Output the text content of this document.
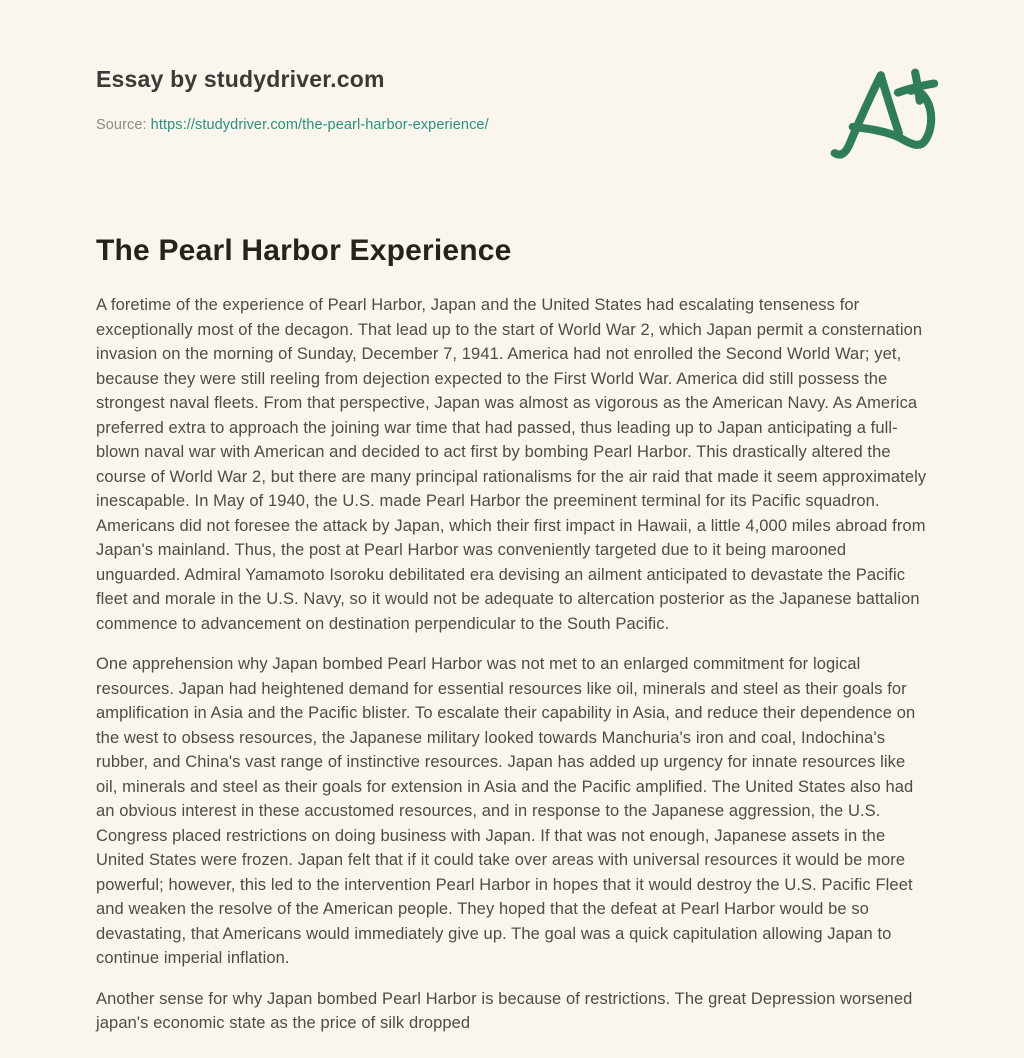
Essay by studydriver.com
Source: https://studydriver.com/the-pearl-harbor-experience/
The Pearl Harbor Experience

A foretime of the experience of Pearl Harbor, Japan and the United States had escalating tenseness for exceptionally most of the decagon. That lead up to the start of World War 2, which Japan permit a consternation invasion on the morning of Sunday, December 7, 1941. America had not enrolled the Second World War; yet, because they were still reeling from dejection expected to the First World War. America did still possess the strongest naval fleets. From that perspective, Japan was almost as vigorous as the American Navy. As America preferred extra to approach the joining war time that had passed, thus leading up to Japan anticipating a full-blown naval war with American and decided to act first by bombing Pearl Harbor. This drastically altered the course of World War 2, but there are many principal rationalisms for the air raid that made it seem approximately inescapable. In May of 1940, the U.S. made Pearl Harbor the preeminent terminal for its Pacific squadron. Americans did not foresee the attack by Japan, which their first impact in Hawaii, a little 4,000 miles abroad from Japan's mainland. Thus, the post at Pearl Harbor was conveniently targeted due to it being marooned unguarded. Admiral Yamamoto Isoroku debilitated era devising an ailment anticipated to devastate the Pacific fleet and morale in the U.S. Navy, so it would not be adequate to altercation posterior as the Japanese battalion commence to advancement on destination perpendicular to the South Pacific.

One apprehension why Japan bombed Pearl Harbor was not met to an enlarged commitment for logical resources. Japan had heightened demand for essential resources like oil, minerals and steel as their goals for amplification in Asia and the Pacific blister. To escalate their capability in Asia, and reduce their dependence on the west to obsess resources, the Japanese military looked towards Manchuria's iron and coal, Indochina's rubber, and China's vast range of instinctive resources. Japan has added up urgency for innate resources like oil, minerals and steel as their goals for extension in Asia and the Pacific amplified. The United States also had an obvious interest in these accustomed resources, and in response to the Japanese aggression, the U.S. Congress placed restrictions on doing business with Japan. If that was not enough, Japanese assets in the United States were frozen. Japan felt that if it could take over areas with universal resources it would be more powerful; however, this led to the intervention Pearl Harbor in hopes that it would destroy the U.S. Pacific Fleet and weaken the resolve of the American people. They hoped that the defeat at Pearl Harbor would be so devastating, that Americans would immediately give up. The goal was a quick capitulation allowing Japan to continue imperial inflation.

Another sense for why Japan bombed Pearl Harbor is because of restrictions. The great Depression worsened japan's economic state as the price of silk dropped
